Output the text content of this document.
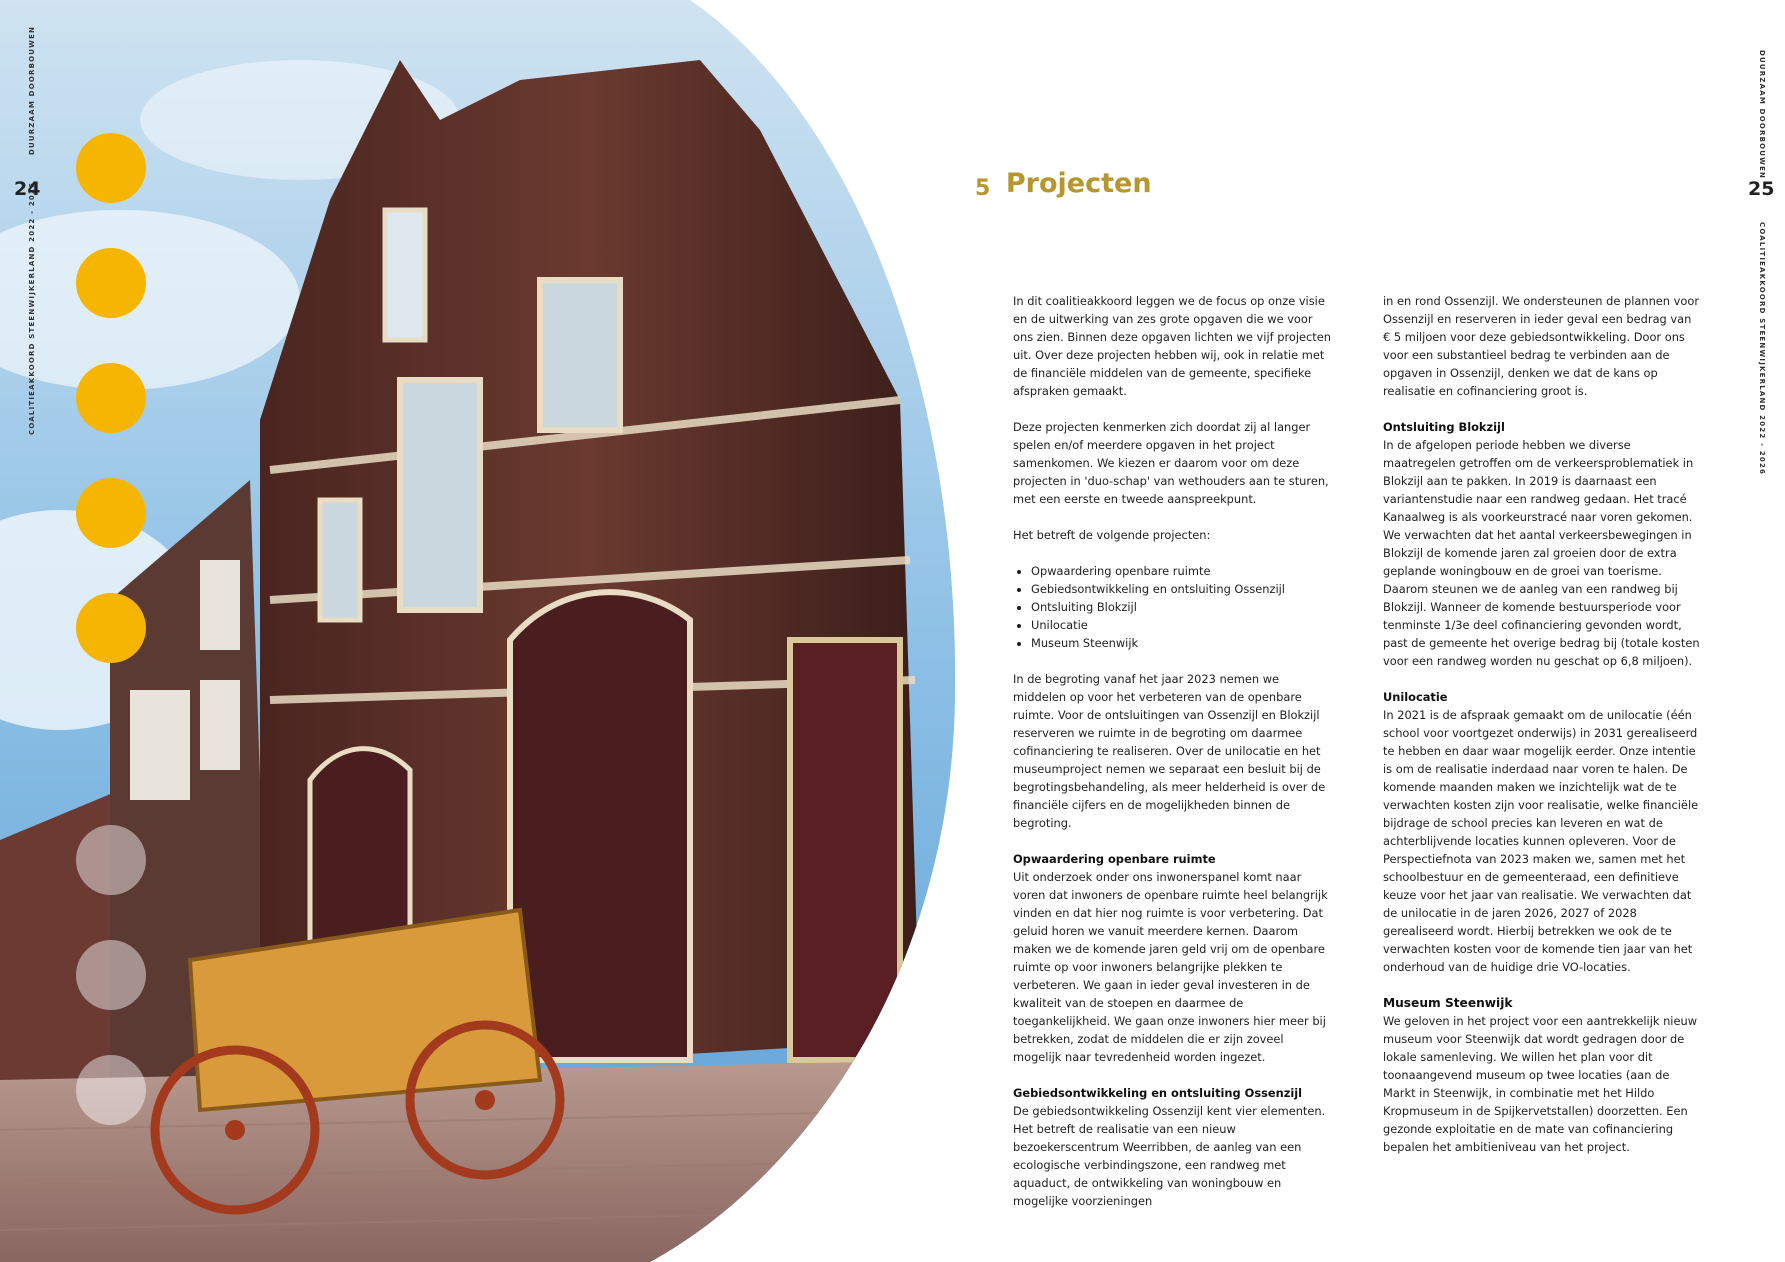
DUURZAAM DOORBOUWEN
COALITIEAKKOORD STEENWIJKERLAND 2022 - 2026
24
DUURZAAM DOORBOUWEN
COALITIEAKKOORD STEENWIJKERLAND 2022 - 2026
25
5 Projecten

In dit coalitieakkoord leggen we de focus op onze visie en de uitwerking van zes grote opgaven die we voor ons zien. Binnen deze opgaven lichten we vijf projecten uit. Over deze projecten hebben wij, ook in relatie met de financiële middelen van de gemeente, specifieke afspraken gemaakt.

Deze projecten kenmerken zich doordat zij al langer spelen en/of meerdere opgaven in het project samenkomen. We kiezen er daarom voor om deze projecten in 'duo-schap' van wethouders aan te sturen, met een eerste en tweede aanspreekpunt.

Het betreft de volgende projecten:

• Opwaardering openbare ruimte
• Gebiedsontwikkeling en ontsluiting Ossenzijl
• Ontsluiting Blokzijl
• Unilocatie
• Museum Steenwijk

In de begroting vanaf het jaar 2023 nemen we middelen op voor het verbeteren van de openbare ruimte. Voor de ontsluitingen van Ossenzijl en Blokzijl reserveren we ruimte in de begroting om daarmee cofinanciering te realiseren. Over de unilocatie en het museumproject nemen we separaat een besluit bij de begrotingsbehandeling, als meer helderheid is over de financiële cijfers en de mogelijkheden binnen de begroting.

Opwaardering openbare ruimte

Uit onderzoek onder ons inwonerspanel komt naar voren dat inwoners de openbare ruimte heel belangrijk vinden en dat hier nog ruimte is voor verbetering. Dat geluid horen we vanuit meerdere kernen. Daarom maken we de komende jaren geld vrij om de openbare ruimte op voor inwoners belangrijke plekken te verbeteren. We gaan in ieder geval investeren in de kwaliteit van de stoepen en daarmee de toegankelijkheid. We gaan onze inwoners hier meer bij betrekken, zodat de middelen die er zijn zoveel mogelijk naar tevredenheid worden ingezet.

Gebiedsontwikkeling en ontsluiting Ossenzijl

De gebiedsontwikkeling Ossenzijl kent vier elementen. Het betreft de realisatie van een nieuw bezoekerscentrum Weerribben, de aanleg van een ecologische verbindingszone, een randweg met aquaduct, de ontwikkeling van woningbouw en mogelijke voorzieningen

in en rond Ossenzijl. We ondersteunen de plannen voor Ossenzijl en reserveren in ieder geval een bedrag van € 5 miljoen voor deze gebiedsontwikkeling. Door ons voor een substantieel bedrag te verbinden aan de opgaven in Ossenzijl, denken we dat de kans op realisatie en cofinanciering groot is.

Ontsluiting Blokzijl

In de afgelopen periode hebben we diverse maatregelen getroffen om de verkeersproblematiek in Blokzijl aan te pakken. In 2019 is daarnaast een variantenstudie naar een randweg gedaan. Het tracé Kanaalweg is als voorkeurstracé naar voren gekomen. We verwachten dat het aantal verkeersbewegingen in Blokzijl de komende jaren zal groeien door de extra geplande woningbouw en de groei van toerisme. Daarom steunen we de aanleg van een randweg bij Blokzijl. Wanneer de komende bestuursperiode voor tenminste 1/3e deel cofinanciering gevonden wordt, past de gemeente het overige bedrag bij (totale kosten voor een randweg worden nu geschat op 6,8 miljoen).

Unilocatie

In 2021 is de afspraak gemaakt om de unilocatie (één school voor voortgezet onderwijs) in 2031 gerealiseerd te hebben en daar waar mogelijk eerder. Onze intentie is om de realisatie inderdaad naar voren te halen. De komende maanden maken we inzichtelijk wat de te verwachten kosten zijn voor realisatie, welke financiële bijdrage de school precies kan leveren en wat de achterblijvende locaties kunnen opleveren. Voor de Perspectiefnota van 2023 maken we, samen met het schoolbestuur en de gemeenteraad, een definitieve keuze voor het jaar van realisatie. We verwachten dat de unilocatie in de jaren 2026, 2027 of 2028 gerealiseerd wordt. Hierbij betrekken we ook de te verwachten kosten voor de komende tien jaar van het onderhoud van de huidige drie VO-locaties.

Museum Steenwijk

We geloven in het project voor een aantrekkelijk nieuw museum voor Steenwijk dat wordt gedragen door de lokale samenleving. We willen het plan voor dit toonaangevend museum op twee locaties (aan de Markt in Steenwijk, in combinatie met het Hildo Kropmuseum in de Spijkervetstallen) doorzetten. Een gezonde exploitatie en de mate van cofinanciering bepalen het ambitieniveau van het project.
